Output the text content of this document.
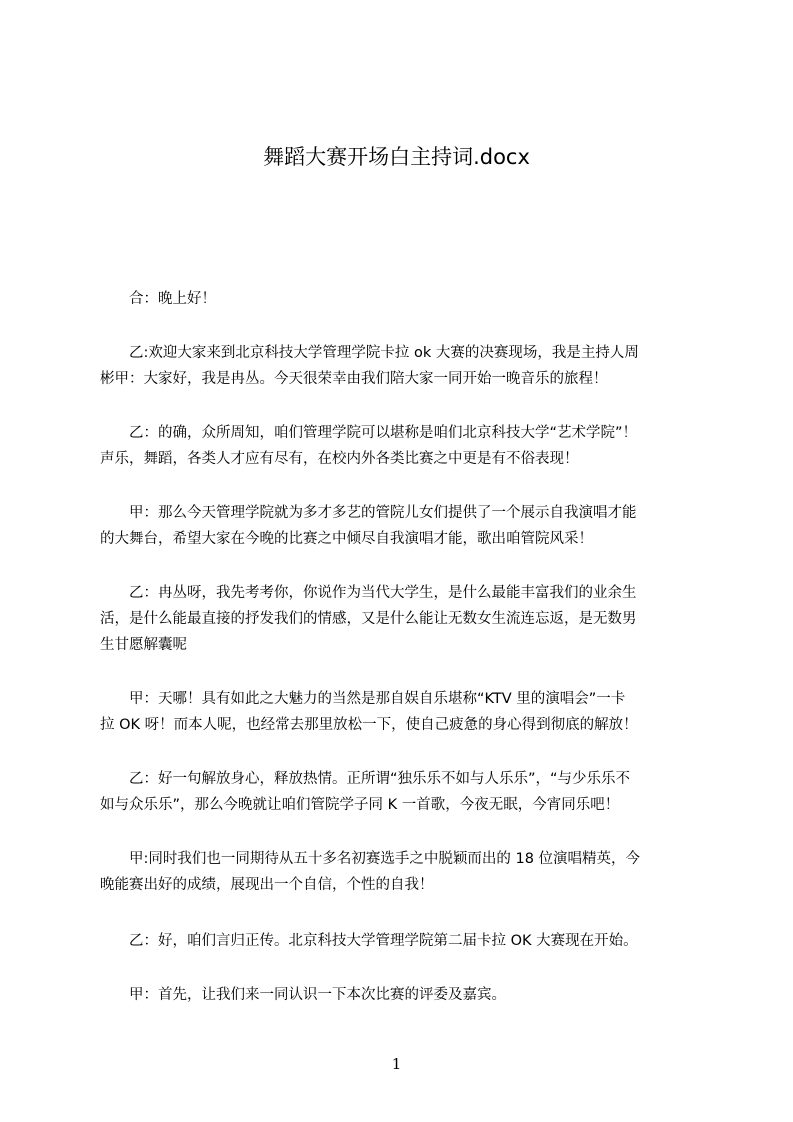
舞蹈大赛开场白主持词.docx
合：晚上好！
乙:欢迎大家来到北京科技大学管理学院卡拉 ok 大赛的决赛现场，我是主持人周
彬甲：大家好，我是冉丛。今天很荣幸由我们陪大家一同开始一晚音乐的旅程！
乙：的确，众所周知，咱们管理学院可以堪称是咱们北京科技大学“艺术学院”！
声乐，舞蹈，各类人才应有尽有，在校内外各类比赛之中更是有不俗表现！
甲：那么今天管理学院就为多才多艺的管院儿女们提供了一个展示自我演唱才能
的大舞台，希望大家在今晚的比赛之中倾尽自我演唱才能，歌出咱管院风采！
乙：冉丛呀，我先考考你，你说作为当代大学生，是什么最能丰富我们的业余生
活，是什么能最直接的抒发我们的情感，又是什么能让无数女生流连忘返，是无数男
生甘愿解囊呢
甲：天哪！具有如此之大魅力的当然是那自娱自乐堪称“KTV 里的演唱会”一卡
拉 OK 呀！而本人呢，也经常去那里放松一下，使自己疲惫的身心得到彻底的解放！
乙：好一句解放身心，释放热情。正所谓“独乐乐不如与人乐乐”，“与少乐乐不
如与众乐乐”，那么今晚就让咱们管院学子同 K 一首歌，今夜无眠，今宵同乐吧！
甲:同时我们也一同期待从五十多名初赛选手之中脱颖而出的 18 位演唱精英，今
晚能赛出好的成绩，展现出一个自信，个性的自我！
乙：好，咱们言归正传。北京科技大学管理学院第二届卡拉 OK 大赛现在开始。
甲：首先，让我们来一同认识一下本次比赛的评委及嘉宾。
1
